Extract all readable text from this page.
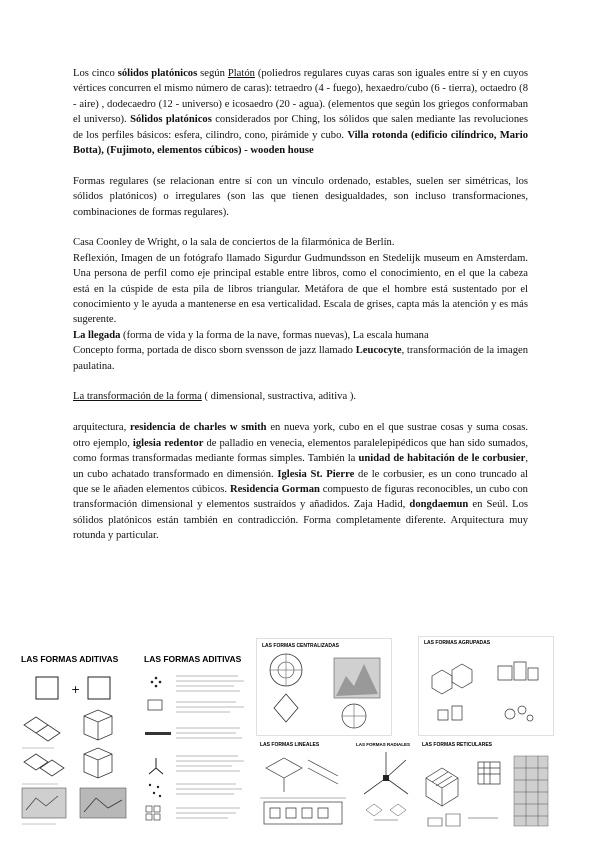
Los cinco sólidos platónicos según Platón (poliedros regulares cuyas caras son iguales entre sí y en cuyos vértices concurren el mismo número de caras): tetraedro (4 - fuego), hexaedro/cubo (6 - tierra), octaedro (8 - aire) , dodecaedro (12 - universo) e icosaedro (20 - agua). (elementos que según los griegos conformaban el universo). Sólidos platónicos considerados por Ching, los sólidos que salen mediante las revoluciones de los perfiles básicos: esfera, cilindro, cono, pirámide y cubo. Villa rotonda (edificio cilíndrico, Mario Botta), (Fujimoto, elementos cúbicos) - wooden house

Formas regulares (se relacionan entre sí con un vínculo ordenado, estables, suelen ser simétricas, los sólidos platónicos) o irregulares (son las que tienen desigualdades, son incluso transformaciones, combinaciones de formas regulares).

Casa Coonley de Wright, o la sala de conciertos de la filarmónica de Berlín.

Reflexión, Imagen de un fotógrafo llamado Sigurdur Gudmundsson en Stedelijk museum en Amsterdam. Una persona de perfil como eje principal estable entre libros, como el conocimiento, en el que la cabeza está en la cúspide de esta pila de libros triangular. Metáfora de que el hombre está sustentado por el conocimiento y le ayuda a mantenerse en esa verticalidad. Escala de grises, capta más la atención y es más sugerente.

La llegada (forma de vida y la forma de la nave, formas nuevas), La escala humana

Concepto forma, portada de disco sborn svensson de jazz llamado Leucocyte, transformación de la imagen paulatina.

La transformación de la forma ( dimensional, sustractiva, aditiva ).

arquitectura, residencia de charles w smith en nueva york, cubo en el que sustrae cosas y suma cosas. otro ejemplo, iglesia redentor de palladio en venecia, elementos paralelepipédicos que han sido sumados, como formas transformadas mediante formas simples. También la unidad de habitación de le corbusier, un cubo achatado transformado en dimensión. Iglesia St. Pierre de le corbusier, es un cono truncado al que se le añaden elementos cúbicos. Residencia Gorman compuesto de figuras reconocibles, un cubo con transformación dimensional y elementos sustraídos y añadidos. Zaja Hadid, dongdaemun en Seúl. Los sólidos platónicos están también en contradicción. Forma completamente diferente. Arquitectura muy rotunda y particular.

LAS FORMAS ADITIVAS
+
LAS FORMAS ADITIVAS
LAS FORMAS CENTRALIZADAS	LAS FORMAS AGRUPADAS
LAS FORMAS LINEALES	LAS FORMAS RADIALES LAS FORMAS RETICULARES
